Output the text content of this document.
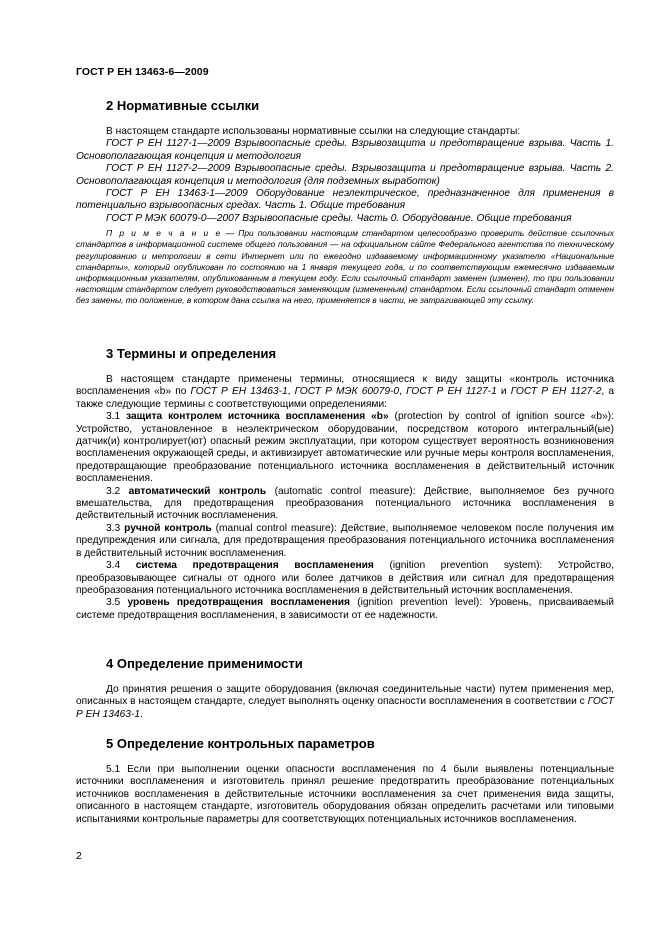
ГОСТ Р ЕН 13463-6—2009
2 Нормативные ссылки

В настоящем стандарте использованы нормативные ссылки на следующие стандарты:

ГОСТ Р ЕН 1127-1—2009 Взрывоопасные среды. Взрывозащита и предотвращение взрыва. Часть 1. Основополагающая концепция и методология

ГОСТ Р ЕН 1127-2—2009 Взрывоопасные среды. Взрывозащита и предотвращение взрыва. Часть 2. Основополагающая концепция и методология (для подземных выработок)

ГОСТ Р ЕН 13463-1—2009 Оборудование неэлектрическое, предназначенное для применения в потенциально взрывоопасных средах. Часть 1. Общие требования

ГОСТ Р МЭК 60079-0—2007 Взрывоопасные среды. Часть 0. Оборудование. Общие требования

П р и м е ч а н и е — При пользовании настоящим стандартом целесообразно проверить действие ссылочных стандартов в информационной системе общего пользования — на официальном сайте Федерального агентства по техническому регулированию и метрологии в сети Интернет или по ежегодно издаваемому информационному указателю «Национальные стандарты», который опубликован по состоянию на 1 января текущего года, и по соответствующим ежемесячно издаваемым информационным указателям, опубликованным в текущем году. Если ссылочный стандарт заменен (изменен), то при пользовании настоящим стандартом следует руководствоваться заменяющим (измененным) стандартом. Если ссылочный стандарт отменен без замены, то положение, в котором дана ссылка на него, применяется в части, не затрагивающей эту ссылку.

3 Термины и определения

В настоящем стандарте применены термины, относящиеся к виду защиты «контроль источника воспламенения «b» по ГОСТ Р ЕН 13463-1, ГОСТ Р МЭК 60079-0, ГОСТ Р ЕН 1127-1 и ГОСТ Р ЕН 1127-2, а также следующие термины с соответствующими определениями:

3.1 защита контролем источника воспламенения «b» (protection by control of ignition source «b»): Устройство, установленное в неэлектрическом оборудовании, посредством которого интегральный(ые) датчик(и) контролирует(ют) опасный режим эксплуатации, при котором существует вероятность возникновения воспламенения окружающей среды, и активизирует автоматические или ручные меры контроля воспламенения, предотвращающие преобразование потенциального источника воспламенения в действительный источник воспламенения.

3.2 автоматический контроль (automatic control measure): Действие, выполняемое без ручного вмешательства, для предотвращения преобразования потенциального источника воспламенения в действительный источник воспламенения.

3.3 ручной контроль (manual control measure): Действие, выполняемое человеком после получения им предупреждения или сигнала, для предотвращения преобразования потенциального источника воспламенения в действительный источник воспламенения.

3.4 система предотвращения воспламенения (ignition prevention system): Устройство, преобразовывающее сигналы от одного или более датчиков в действия или сигнал для предотвращения преобразования потенциального источника воспламенения в действительный источник воспламенения.

3.5 уровень предотвращения воспламенения (ignition prevention level): Уровень, присваиваемый системе предотвращения воспламенения, в зависимости от ее надежности.

4 Определение применимости

До принятия решения о защите оборудования (включая соединительные части) путем применения мер, описанных в настоящем стандарте, следует выполнять оценку опасности воспламенения в соответствии с ГОСТ Р ЕН 13463-1.

5 Определение контрольных параметров

5.1 Если при выполнении оценки опасности воспламенения по 4 были выявлены потенциальные источники воспламенения и изготовитель принял решение предотвратить преобразование потенциальных источников воспламенения в действительные источники воспламенения за счет применения вида защиты, описанного в настоящем стандарте, изготовитель оборудования обязан определить расчетами или типовыми испытаниями контрольные параметры для соответствующих потенциальных источников воспламенения.

2
